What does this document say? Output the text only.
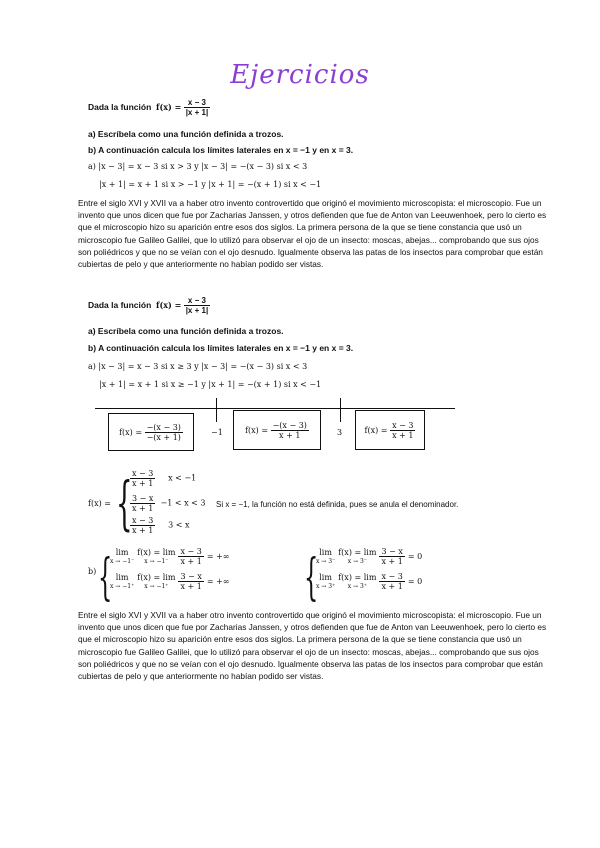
Ejercicios
Dada la función $f(x) = \frac{x - 3}{|x + 1|}$
a) Escríbela como una función definida a trozos.
b) A continuación calcula los límites laterales en x = −1 y en x = 3.
a) |x − 3| = x − 3 si x > 3 y |x − 3| = −(x − 3) si x < 3
|x + 1| = x + 1 si x > −1 y |x + 1| = −(x + 1) si x < −1
Entre el siglo XVI y XVII va a haber otro invento controvertido que originó el movimiento microscopista: el microscopio. Fue un invento que unos dicen que fue por Zacharias Janssen, y otros defienden que fue de Anton van Leeuwenhoek, pero lo cierto es que el microscopio hizo su aparición entre esos dos siglos. La primera persona de la que se tiene constancia que usó un microscopio fue Galileo Galilei, que lo utilizó para observar el ojo de un insecto: moscas, abejas... comprobando que sus ojos son poliédricos y que no se veían con el ojo desnudo. Igualmente observa las patas de los insectos para comprobar que están cubiertas de pelo y que anteriormente no habían podido ser vistas.
Dada la función $f(x) = \frac{x - 3}{|x + 1|}$
a) Escríbela como una función definida a trozos.
b) A continuación calcula los límites laterales en x = −1 y en x = 3.
a) |x − 3| = x − 3 si x ≥ 3 y |x − 3| = −(x − 3) si x < 3
|x + 1| = x + 1 si x ≥ −1 y |x + 1| = −(x + 1) si x < −1
−1	3
f(x) =
$\frac{-(x - 3)}{-(x + 1)}$	f(x) =
$\frac{-(x - 3)}{x + 1}$	f(x) =
$\frac{x - 3}{x + 1}$
f(x) = {
$\frac{x - 3}{x + 1}$ x < −1
$\frac{3 - x}{x + 1} -1 < x < 3$ Si x = −1, la función no está definida, pues se anula el denominador.
$\frac{x - 3}{x + 1} 3 < x$
b) { lim
x → −1⁻
f(x) = lim
x → −1⁻	$\frac{x - 3}{x + 1}$ = +∞
lim
x → −1⁺
f(x) = lim
x → −1⁺	$\frac{3 - x}{x + 1}$ = +∞ { lim
x → 3⁻
f(x) = lim
x → 3⁻	$\frac{3 - x}{x + 1} = 0$
lim
x → 3⁺
f(x) = lim
x → 3⁺	$\frac{x - 3}{x + 1} = 0$
Entre el siglo XVI y XVII va a haber otro invento controvertido que originó el movimiento microscopista: el microscopio. Fue un invento que unos dicen que fue por Zacharias Janssen, y otros defienden que fue de Anton van Leeuwenhoek, pero lo cierto es que el microscopio hizo su aparición entre esos dos siglos. La primera persona de la que se tiene constancia que usó un microscopio fue Galileo Galilei, que lo utilizó para observar el ojo de un insecto: moscas, abejas... comprobando que sus ojos son poliédricos y que no se veían con el ojo desnudo. Igualmente observa las patas de los insectos para comprobar que están cubiertas de pelo y que anteriormente no habían podido ser vistas.
